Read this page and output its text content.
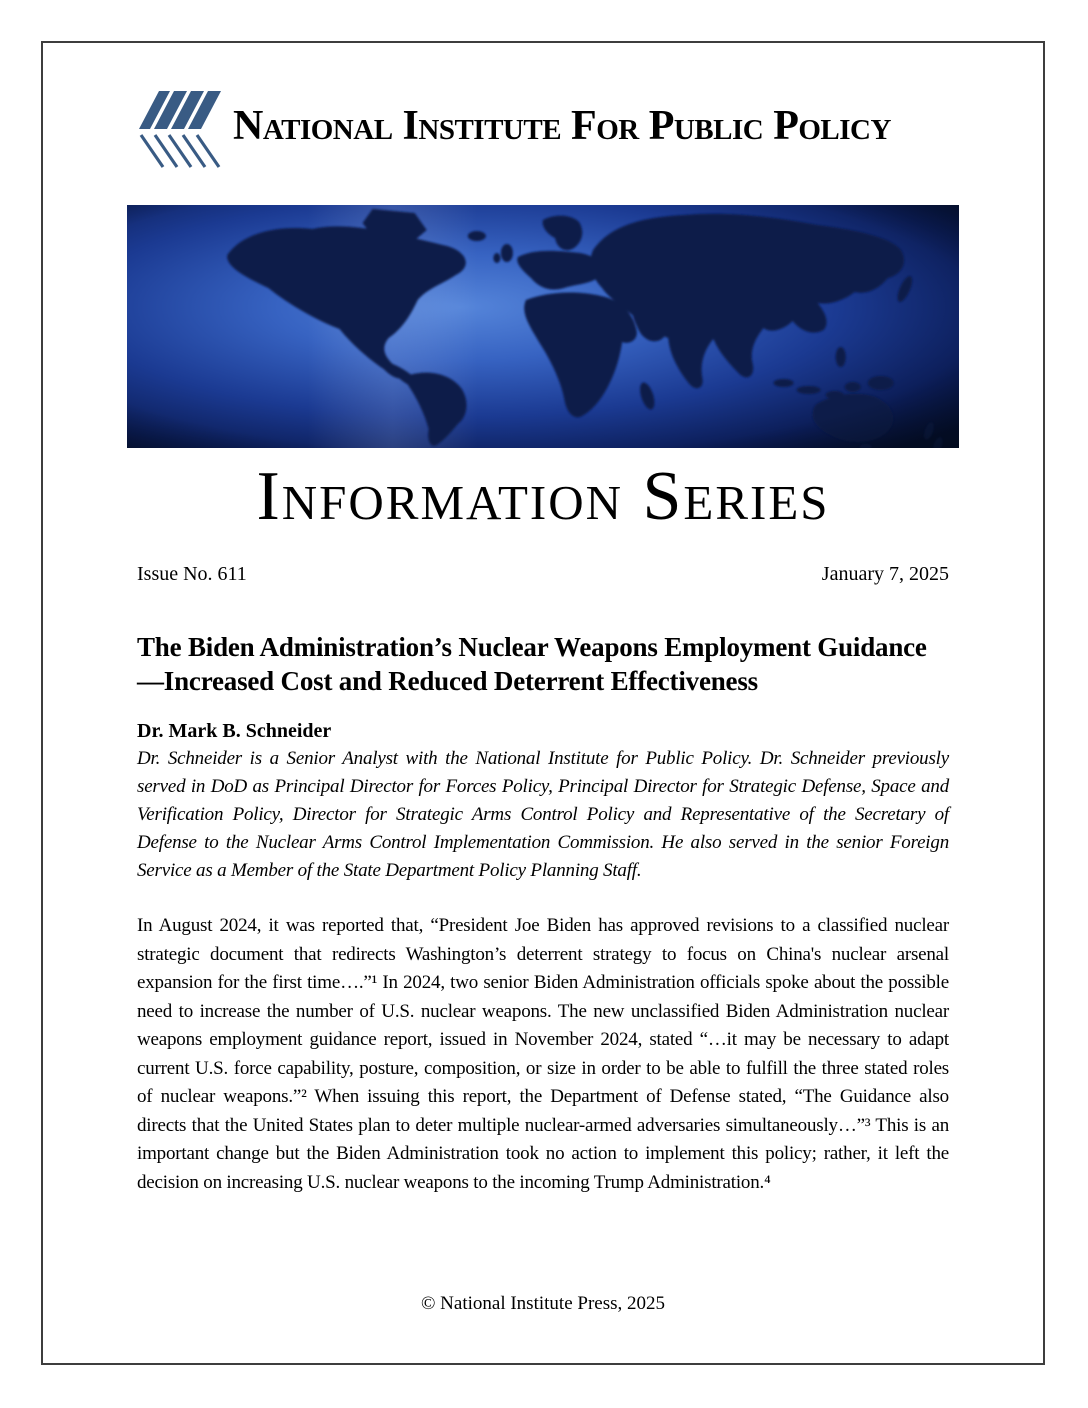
National Institute For Public Policy
Information Series
Issue No. 611	January 7, 2025
The Biden Administration’s Nuclear Weapons Employment Guidance—Increased Cost and Reduced Deterrent Effectiveness

Dr. Mark B. Schneider

Dr. Schneider is a Senior Analyst with the National Institute for Public Policy. Dr. Schneider previously served in DoD as Principal Director for Forces Policy, Principal Director for Strategic Defense, Space and Verification Policy, Director for Strategic Arms Control Policy and Representative of the Secretary of Defense to the Nuclear Arms Control Implementation Commission. He also served in the senior Foreign Service as a Member of the State Department Policy Planning Staff.

In August 2024, it was reported that, “President Joe Biden has approved revisions to a classified nuclear strategic document that redirects Washington’s deterrent strategy to focus on China's nuclear arsenal expansion for the first time….”¹ In 2024, two senior Biden Administration officials spoke about the possible need to increase the number of U.S. nuclear weapons. The new unclassified Biden Administration nuclear weapons employment guidance report, issued in November 2024, stated “…it may be necessary to adapt current U.S. force capability, posture, composition, or size in order to be able to fulfill the three stated roles of nuclear weapons.”² When issuing this report, the Department of Defense stated, “The Guidance also directs that the United States plan to deter multiple nuclear-armed adversaries simultaneously…”³ This is an important change but the Biden Administration took no action to implement this policy; rather, it left the decision on increasing U.S. nuclear weapons to the incoming Trump Administration.⁴

© National Institute Press, 2025
